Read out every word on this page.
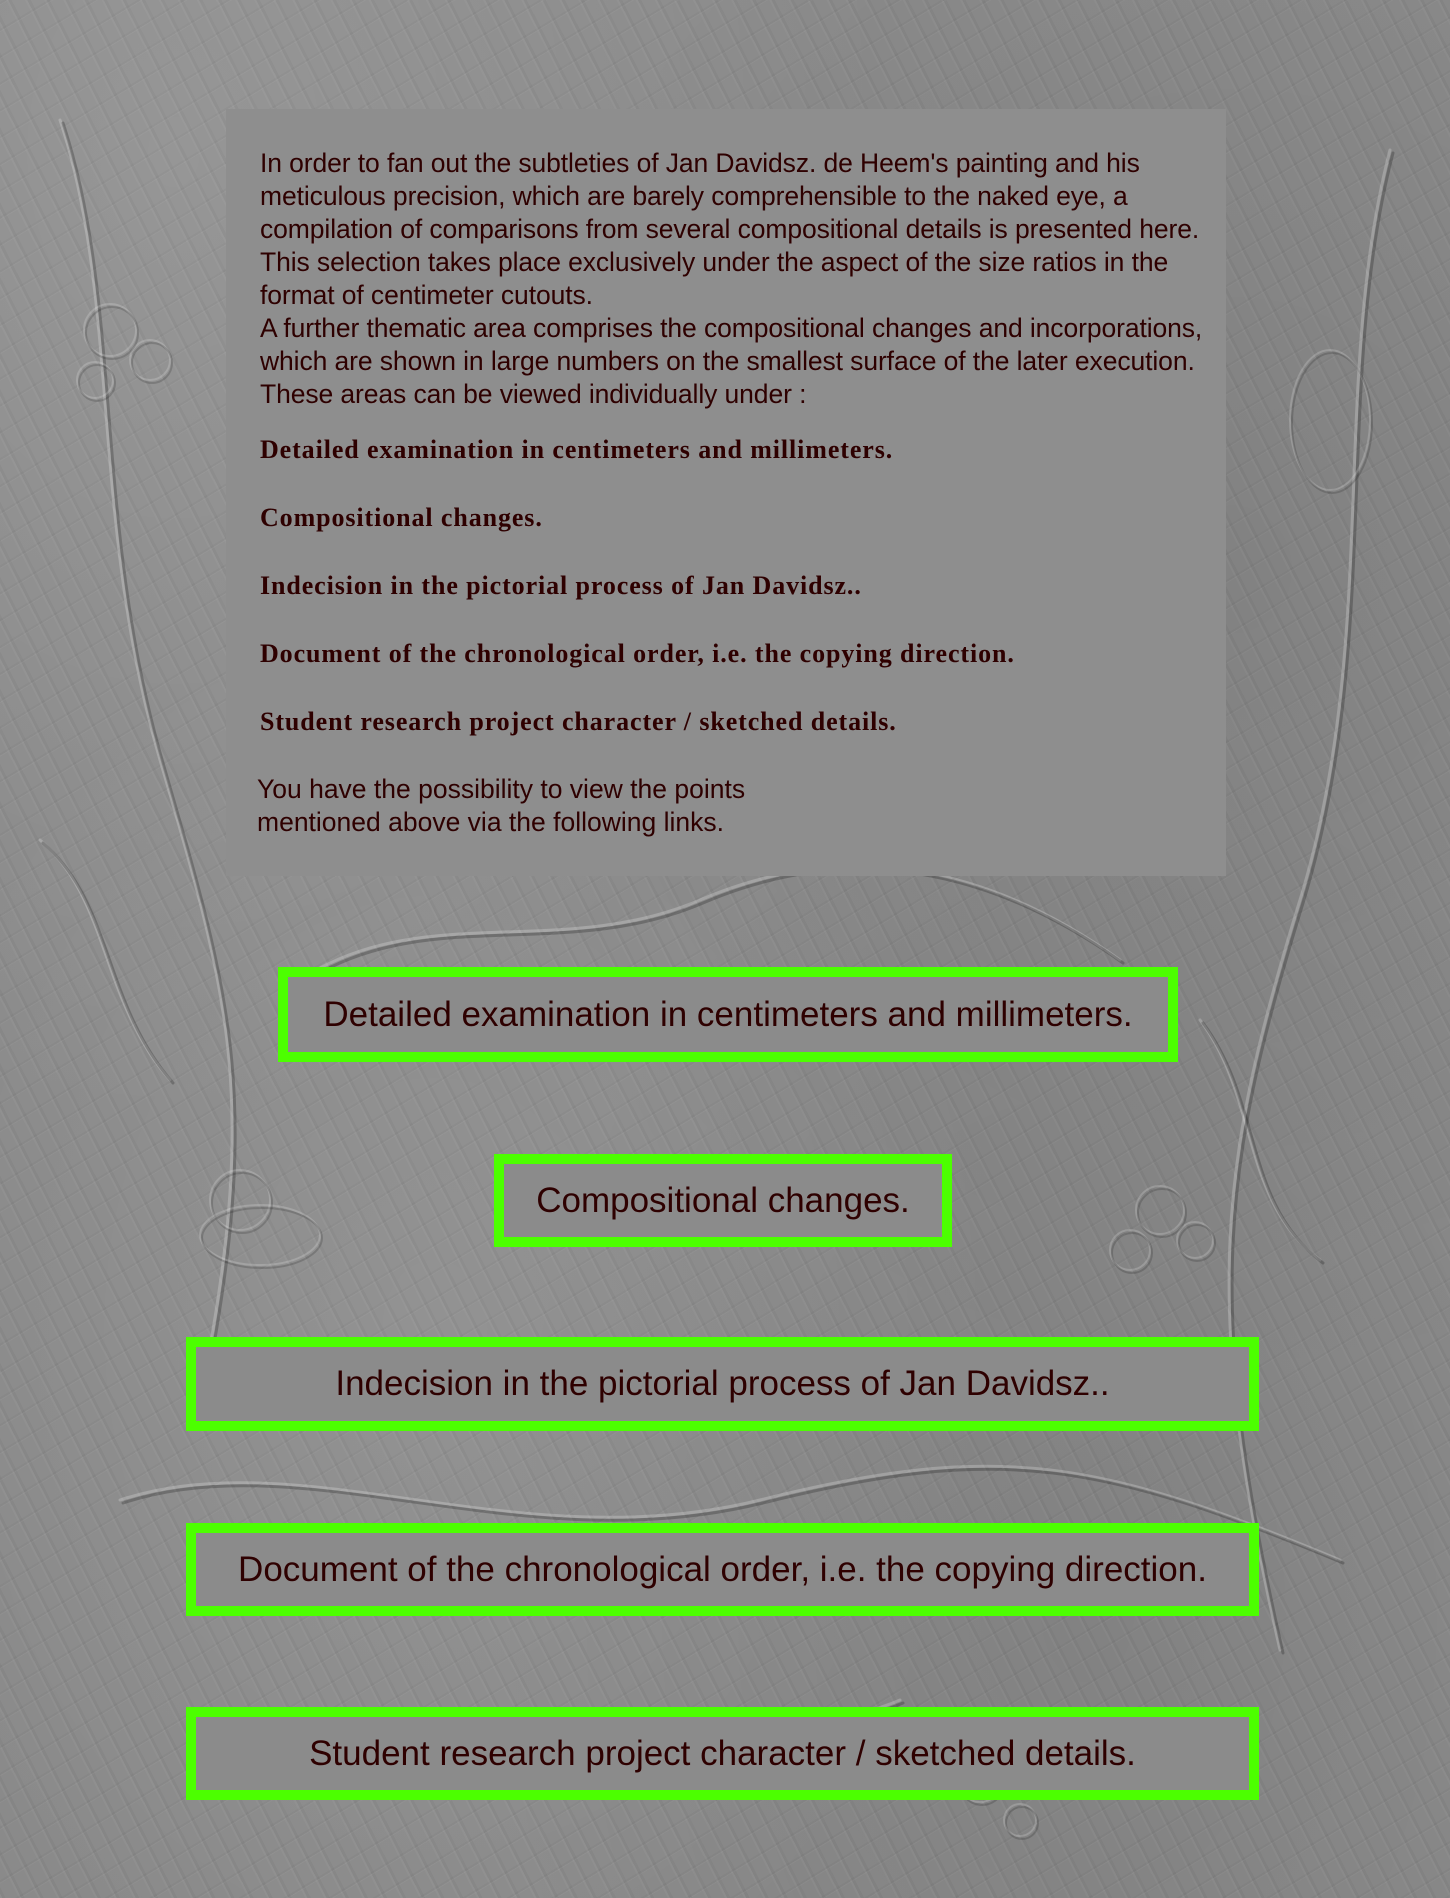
In order to fan out the subtleties of Jan Davidsz. de Heem's painting and his meticulous precision, which are barely comprehensible to the naked eye, a compilation of comparisons from several compositional details is presented here. This selection takes place exclusively under the aspect of the size ratios in the format of centimeter cutouts.

A further thematic area comprises the compositional changes and incorporations, which are shown in large numbers on the smallest surface of the later execution. These areas can be viewed individually under :

Detailed examination in centimeters and millimeters.
Compositional changes.
Indecision in the pictorial process of Jan Davidsz..
Document of the chronological order, i.e. the copying direction.
Student research project character / sketched details.
You have the possibility to view the points
mentioned above via the following links.
Detailed examination in centimeters and millimeters.
Compositional changes.
Indecision in the pictorial process of Jan Davidsz..
Document of the chronological order, i.e. the copying direction.
Student research project character / sketched details.
